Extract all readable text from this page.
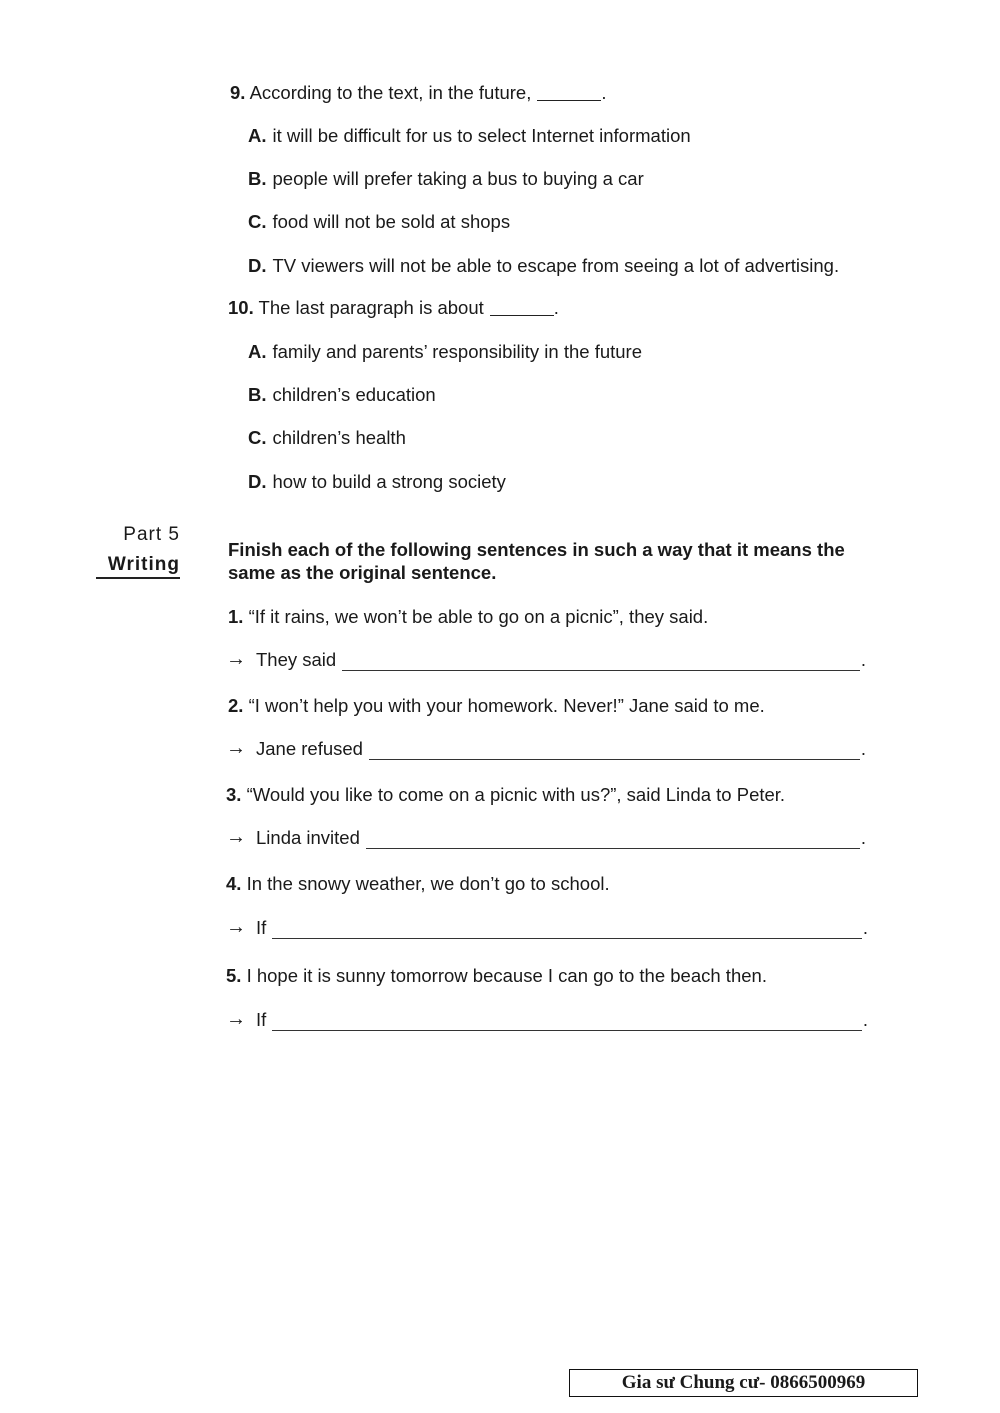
9. According to the text, in the future,	.
A. it will be difficult for us to select Internet information
B. people will prefer taking a bus to buying a car
C. food will not be sold at shops
D. TV viewers will not be able to escape from seeing a lot of advertising.
10. The last paragraph is about	.
A. family and parents’ responsibility in the future
B. children’s education
C. children’s health
D. how to build a strong society
Part 5
Writing
Finish each of the following sentences in such a way that it means the same as the original sentence.
1. “If it rains, we won’t be able to go on a picnic”, they said.
→ They said	.
2. “I won’t help you with your homework. Never!” Jane said to me.
→ Jane refused	.
3. “Would you like to come on a picnic with us?”, said Linda to Peter.
→ Linda invited	.
4. In the snowy weather, we don’t go to school.
→ If	.
5. I hope it is sunny tomorrow because I can go to the beach then.
→ If	.
Gia sư Chung cư- 0866500969
